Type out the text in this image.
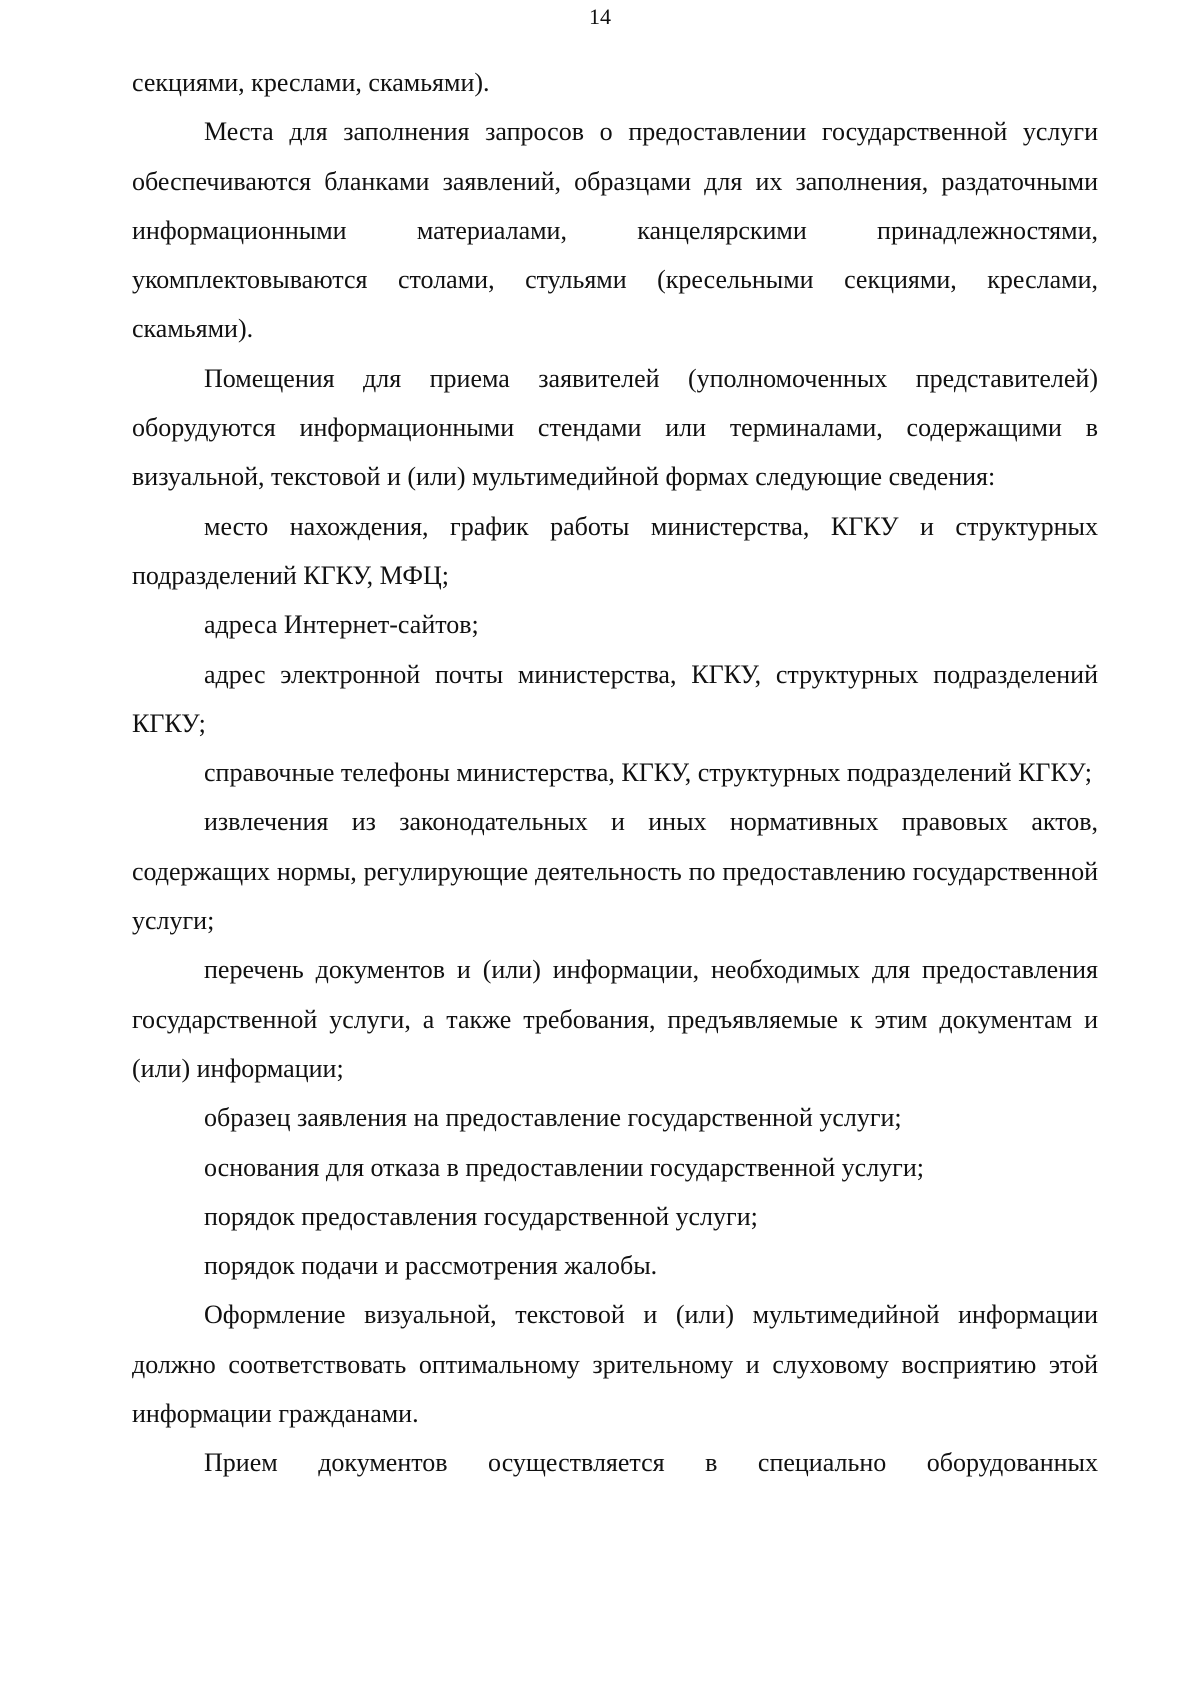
14

секциями, креслами, скамьями).

Места для заполнения запросов о предоставлении государственной услуги обеспечиваются бланками заявлений, образцами для их заполнения, раздаточными информационными материалами, канцелярскими принадлежностями, укомплектовываются столами, стульями (кресельными секциями, креслами, скамьями).

Помещения для приема заявителей (уполномоченных представителей) оборудуются информационными стендами или терминалами, содержащими в визуальной, текстовой и (или) мультимедийной формах следующие сведения:

место нахождения, график работы министерства, КГКУ и структурных подразделений КГКУ, МФЦ;

адреса Интернет-сайтов;

адрес электронной почты министерства, КГКУ, структурных подразделений КГКУ;

справочные телефоны министерства, КГКУ, структурных подразделений КГКУ;

извлечения из законодательных и иных нормативных правовых актов, содержащих нормы, регулирующие деятельность по предоставлению государственной услуги;

перечень документов и (или) информации, необходимых для предоставления государственной услуги, а также требования, предъявляемые к этим документам и (или) информации;

образец заявления на предоставление государственной услуги;

основания для отказа в предоставлении государственной услуги;

порядок предоставления государственной услуги;

порядок подачи и рассмотрения жалобы.

Оформление визуальной, текстовой и (или) мультимедийной информации должно соответствовать оптимальному зрительному и слуховому восприятию этой информации гражданами.

Прием документов осуществляется в специально оборудованных
